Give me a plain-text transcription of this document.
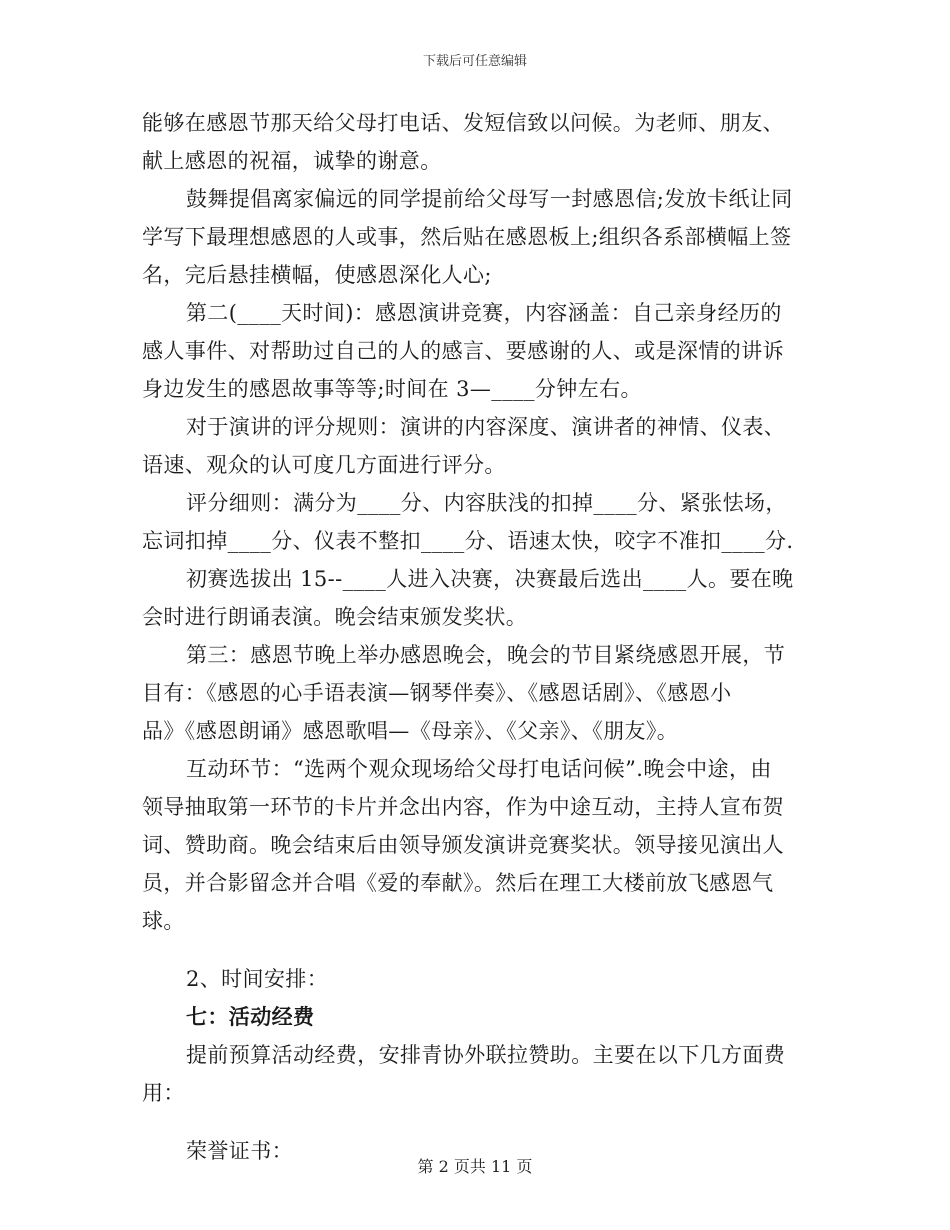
下载后可任意编辑
能够在感恩节那天给父母打电话、发短信致以问候。为老师、朋友、
献上感恩的祝福，诚挚的谢意。
鼓舞提倡离家偏远的同学提前给父母写一封感恩信;发放卡纸让同
学写下最理想感恩的人或事，然后贴在感恩板上;组织各系部横幅上签
名，完后悬挂横幅，使感恩深化人心;
第二(____天时间)：感恩演讲竞赛，内容涵盖：自己亲身经历的
感人事件、对帮助过自己的人的感言、要感谢的人、或是深情的讲诉
身边发生的感恩故事等等;时间在 3—____分钟左右。
对于演讲的评分规则：演讲的内容深度、演讲者的神情、仪表、
语速、观众的认可度几方面进行评分。
评分细则：满分为____分、内容肤浅的扣掉____分、紧张怯场，
忘词扣掉____分、仪表不整扣____分、语速太快，咬字不准扣____分.
初赛选拔出 15--____人进入决赛，决赛最后选出____人。要在晚
会时进行朗诵表演。晚会结束颁发奖状。
第三：感恩节晚上举办感恩晚会，晚会的节目紧绕感恩开展，节
目有：《感恩的心手语表演—钢琴伴奏》、《感恩话剧》、《感恩小
品》《感恩朗诵》感恩歌唱—《母亲》、《父亲》、《朋友》。
互动环节：“选两个观众现场给父母打电话问候”.晚会中途，由
领导抽取第一环节的卡片并念出内容，作为中途互动，主持人宣布贺
词、赞助商。晚会结束后由领导颁发演讲竞赛奖状。领导接见演出人
员，并合影留念并合唱《爱的奉献》。然后在理工大楼前放飞感恩气
球。
2、时间安排：
七：活动经费
提前预算活动经费，安排青协外联拉赞助。主要在以下几方面费
用：
荣誉证书：
第 2 页共 11 页
